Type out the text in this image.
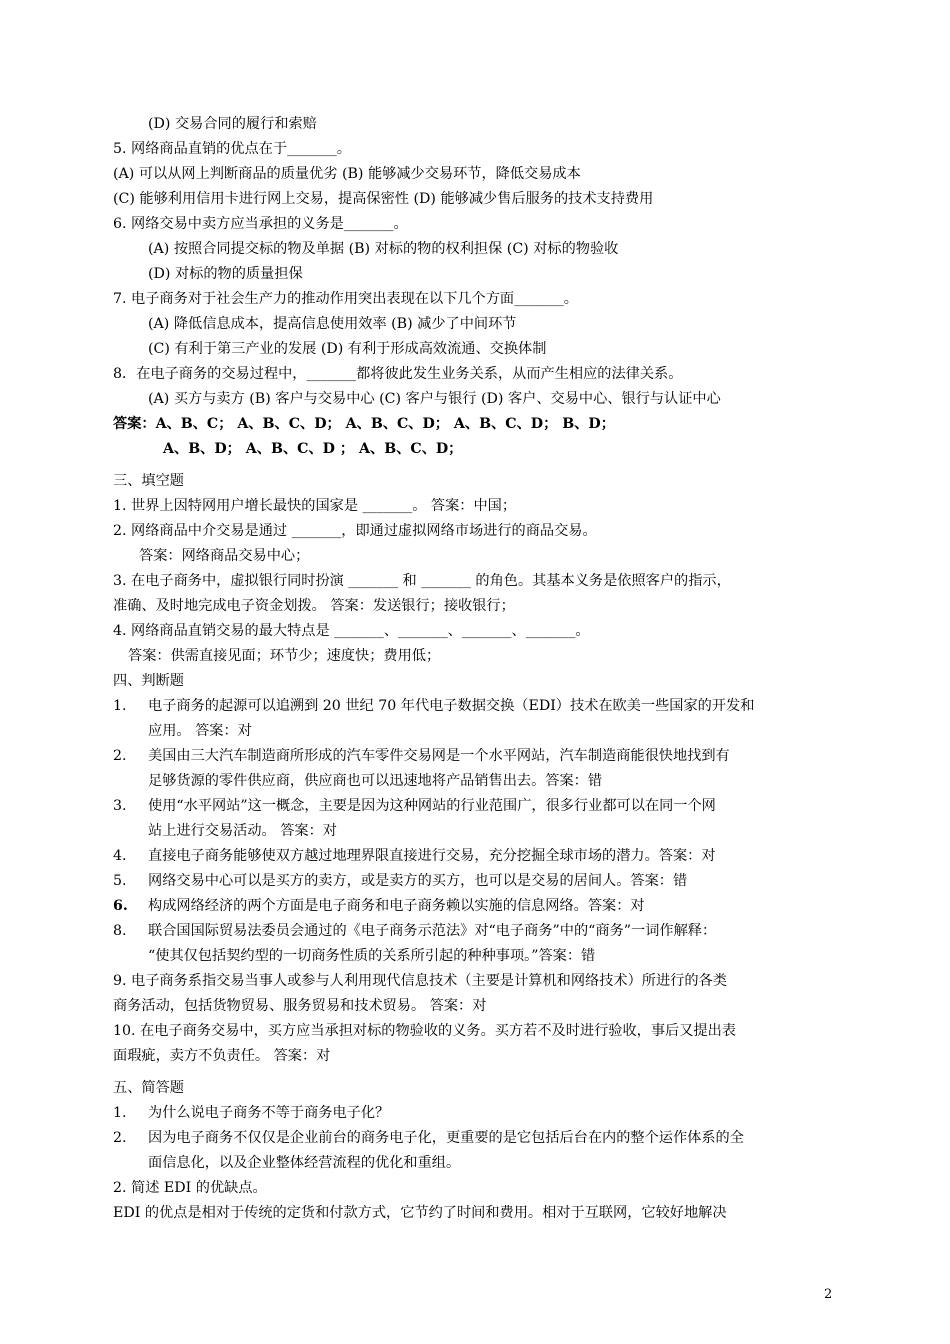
(D) 交易合同的履行和索赔
5. 网络商品直销的优点在于_______。
(A) 可以从网上判断商品的质量优劣 (B) 能够减少交易环节，降低交易成本
(C) 能够利用信用卡进行网上交易，提高保密性 (D) 能够减少售后服务的技术支持费用
6. 网络交易中卖方应当承担的义务是_______。
(A) 按照合同提交标的物及单据 (B) 对标的物的权利担保 (C) 对标的物验收
(D) 对标的物的质量担保
7. 电子商务对于社会生产力的推动作用突出表现在以下几个方面_______。
(A) 降低信息成本，提高信息使用效率 (B) 减少了中间环节
(C) 有利于第三产业的发展 (D) 有利于形成高效流通、交换体制
8．在电子商务的交易过程中，_______都将彼此发生业务关系，从而产生相应的法律关系。
(A) 买方与卖方 (B) 客户与交易中心 (C) 客户与银行 (D) 客户、交易中心、银行与认证中心
答案：A、B、C； A、B、C、D； A、B、C、D； A、B、C、D； B、D；
A、B、D； A、B、C、D ； A、B、C、D；
三、填空题
1. 世界上因特网用户增长最快的国家是 _______。 答案：中国；
2. 网络商品中介交易是通过 _______，即通过虚拟网络市场进行的商品交易。
答案：网络商品交易中心；
3. 在电子商务中，虚拟银行同时扮演 _______ 和 _______ 的角色。其基本义务是依照客户的指示，
准确、及时地完成电子资金划拨。 答案：发送银行；接收银行；
4. 网络商品直销交易的最大特点是 _______、_______、_______、_______。
答案：供需直接见面；环节少；速度快；费用低；
四、判断题
1. 电子商务的起源可以追溯到 20 世纪 70 年代电子数据交换（EDI）技术在欧美一些国家的开发和
应用。 答案：对
2. 美国由三大汽车制造商所形成的汽车零件交易网是一个水平网站，汽车制造商能很快地找到有
足够货源的零件供应商，供应商也可以迅速地将产品销售出去。答案：错
3. 使用“水平网站”这一概念，主要是因为这种网站的行业范围广，很多行业都可以在同一个网
站上进行交易活动。 答案：对
4. 直接电子商务能够使双方越过地理界限直接进行交易，充分挖掘全球市场的潜力。答案：对
5. 网络交易中心可以是买方的卖方，或是卖方的买方，也可以是交易的居间人。答案：错
6. 构成网络经济的两个方面是电子商务和电子商务赖以实施的信息网络。答案：对
8. 联合国国际贸易法委员会通过的《电子商务示范法》对“电子商务”中的“商务”一词作解释：
“使其仅包括契约型的一切商务性质的关系所引起的种种事项。”答案：错
9. 电子商务系指交易当事人或参与人利用现代信息技术（主要是计算机和网络技术）所进行的各类
商务活动，包括货物贸易、服务贸易和技术贸易。 答案：对
10. 在电子商务交易中，买方应当承担对标的物验收的义务。买方若不及时进行验收，事后又提出表
面瑕疵，卖方不负责任。 答案：对
五、简答题
1. 为什么说电子商务不等于商务电子化？
2. 因为电子商务不仅仅是企业前台的商务电子化，更重要的是它包括后台在内的整个运作体系的全
面信息化，以及企业整体经营流程的优化和重组。
2. 简述 EDI 的优缺点。
EDI 的优点是相对于传统的定货和付款方式，它节约了时间和费用。相对于互联网，它较好地解决
2
